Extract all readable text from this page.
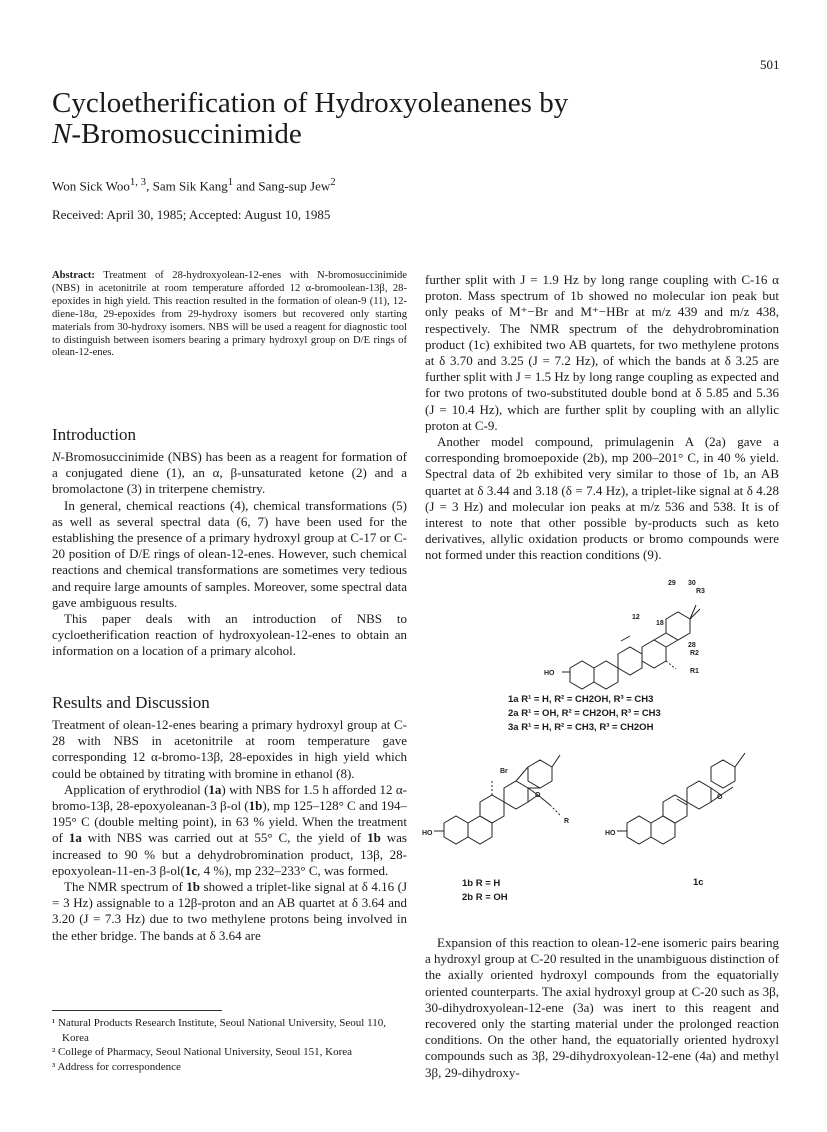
501
Cycloetherification of Hydroxyoleanenes by
N-Bromosuccinimide
Won Sick Woo$^{1, 3}$, Sam Sik Kang$^1$ and Sang-sup Jew$^2$
Received: April 30, 1985; Accepted: August 10, 1985
Abstract: Treatment of 28-hydroxyolean-12-enes with N-bromosuccinimide (NBS) in acetonitrile at room temperature afforded 12 α-bromoolean-13β, 28-epoxides in high yield. This reaction resulted in the formation of olean-9 (11), 12-diene-18α, 29-epoxides from 29-hydroxy isomers but recovered only starting materials from 30-hydroxy isomers. NBS will be used a reagent for diagnostic tool to distinguish between isomers bearing a primary hydroxyl group on D/E rings of olean-12-enes.
Introduction

N-Bromosuccinimide (NBS) has been as a reagent for formation of a conjugated diene (1), an α, β-unsaturated ketone (2) and a bromolactone (3) in triterpene chemistry.

In general, chemical reactions (4), chemical transformations (5) as well as several spectral data (6, 7) have been used for the establishing the presence of a primary hydroxyl group at C-17 or C-20 position of D/E rings of olean-12-enes. However, such chemical reactions and chemical transformations are sometimes very tedious and require large amounts of samples. Moreover, some spectral data gave ambiguous results.

This paper deals with an introduction of NBS to cycloetherification reaction of hydroxyolean-12-enes to obtain an information on a location of a primary alcohol.

Results and Discussion

Treatment of olean-12-enes bearing a primary hydroxyl group at C-28 with NBS in acetonitrile at room temperature gave corresponding 12 α-bromo-13β, 28-epoxides in high yield which could be obtained by titrating with bromine in ethanol (8).

Application of erythrodiol (1a) with NBS for 1.5 h afforded 12 α-bromo-13β, 28-epoxyoleanan-3 β-ol (1b), mp 125–128° C and 194–195° C (double melting point), in 63 % yield. When the treatment of 1a with NBS was carried out at 55° C, the yield of 1b was increased to 90 % but a dehydrobromination product, 13β, 28-epoxyolean-11-en-3 β-ol(1c, 4 %), mp 232–233° C, was formed.

The NMR spectrum of 1b showed a triplet-like signal at δ 4.16 (J = 3 Hz) assignable to a 12β-proton and an AB quartet at δ 3.64 and 3.20 (J = 7.3 Hz) due to two methylene protons being involved in the ether bridge. The bands at δ 3.64 are

¹ Natural Products Research Institute, Seoul National University, Seoul 110, Korea
² College of Pharmacy, Seoul National University, Seoul 151, Korea
³ Address for correspondence

further split with J = 1.9 Hz by long range coupling with C-16 α proton. Mass spectrum of 1b showed no molecular ion peak but only peaks of M⁺−Br and M⁺−HBr at m/z 439 and m/z 438, respectively. The NMR spectrum of the dehydrobromination product (1c) exhibited two AB quartets, for two methylene protons at δ 3.70 and 3.25 (J = 7.2 Hz), of which the bands at δ 3.25 are further split with J = 1.5 Hz by long range coupling as expected and for two protons of two-substituted double bond at δ 5.85 and 5.36 (J = 10.4 Hz), which are further split by coupling with an allylic proton at C-9.

Another model compound, primulagenin A (2a) gave a corresponding bromoepoxide (2b), mp 200–201° C, in 40 % yield. Spectral data of 2b exhibited very similar to those of 1b, an AB quartet at δ 3.44 and 3.18 (δ = 7.4 Hz), a triplet-like signal at δ 4.28 (J = 3 Hz) and molecular ion peaks at m/z 536 and 538. It is of interest to note that other possible by-products such as keto derivatives, allylic oxidation products or bromo compounds were not formed under this reaction conditions (9).

29 30
R3
12
18
28
R2
R1
HO
1a R¹ = H, R² = CH2OH, R³ = CH3
2a R¹ = OH, R² = CH2OH, R³ = CH3
3a R¹ = H, R² = CH3, R³ = CH2OH
Br
O
R
HO
O
HO
1b R = H
2b R = OH
1c

Expansion of this reaction to olean-12-ene isomeric pairs bearing a hydroxyl group at C-20 resulted in the unambiguous distinction of the axially oriented hydroxyl compounds from the equatorially oriented counterparts. The axial hydroxyl group at C-20 such as 3β, 30-dihydroxyolean-12-ene (3a) was inert to this reagent and recovered only the starting material under the prolonged reaction conditions. On the other hand, the equatorially oriented hydroxyl compounds such as 3β, 29-dihydroxyolean-12-ene (4a) and methyl 3β, 29-dihydroxy-
